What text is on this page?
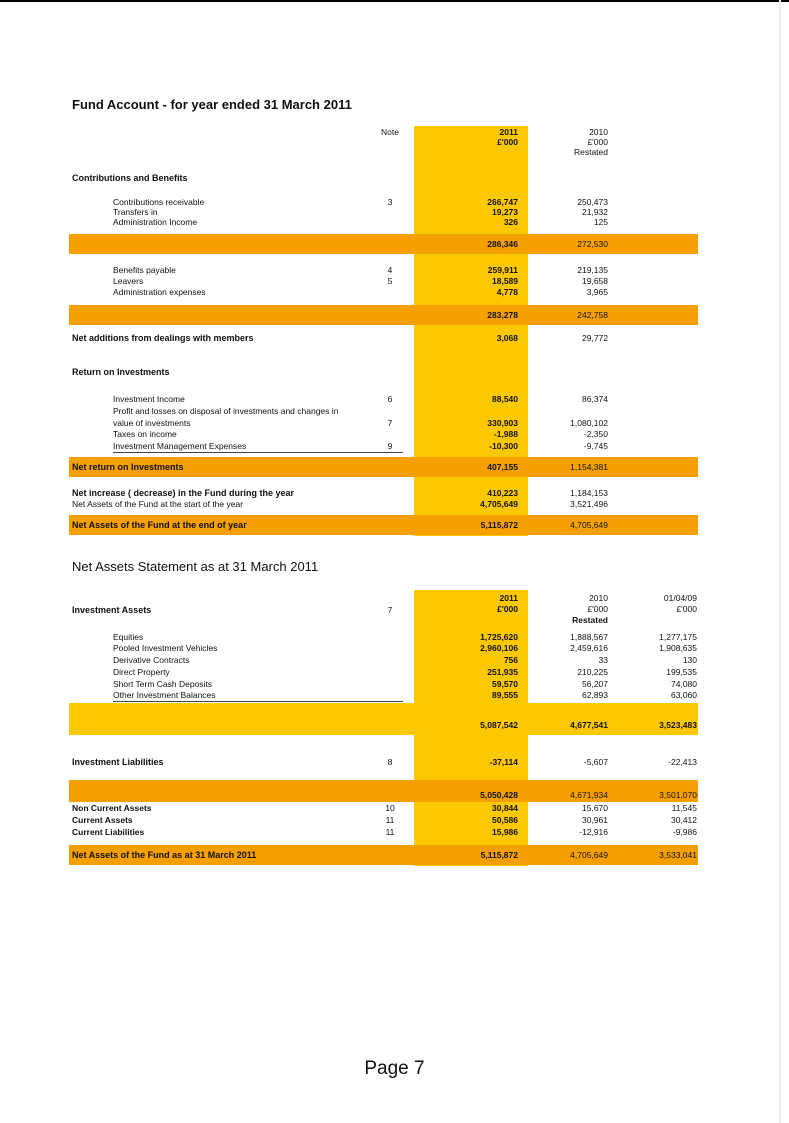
Fund Account - for year ended 31 March 2011
Note	2011
£'000
2010
£'000
Restated
Contributions and Benefits
Contributions receivable	3	266,747	250,473
Transfers in	19,273	21,932
Administration Income	326	125
286,346	272,530
Benefits payable	4	259,911	219,135
Leavers	5	18,589	19,658
Administration expenses	4,778	3,965
283,278	242,758
Net additions from dealings with members	3,068	29,772
Return on Investments
Investment Income	6	88,540	86,374
Profit and losses on disposal of investments and changes in
value of investments	7	330,903	1,080,102
Taxes on income	-1,988	-2,350
Investment Management Expenses	9	-10,300	-9,745
Net return on Investments	407,155	1,154,381
Net increase ( decrease) in the Fund during the year	410,223	1,184,153
Net Assets of the Fund at the start of the year	4,705,649	3,521,496
Net Assets of the Fund at the end of year	5,115,872	4,705,649
Net Assets Statement as at 31 March 2011
2011
£'000
2010
£'000
Restated
01/04/09
£'000
Investment Assets	7
Equities	1,725,620	1,888,567	1,277,175
Pooled Investment Vehicles	2,960,106	2,459,616	1,908,635
Derivative Contracts	756	33	130
Direct Property	251,935	210,225	199,535
Short Term Cash Deposits	59,570	56,207	74,080
Other Investment Balances	89,555	62,893	63,060
5,087,542	4,677,541	3,523,483
Investment Liabilities	8	-37,114	-5,607	-22,413
5,050,428	4,671,934	3,501,070
Non Current Assets	10	30,844	15,670	11,545
Current Assets	11	50,586	30,961	30,412
Current Liabilities	11	15,986	-12,916	-9,986
Net Assets of the Fund as at 31 March 2011	5,115,872	4,705,649	3,533,041
Page 7
